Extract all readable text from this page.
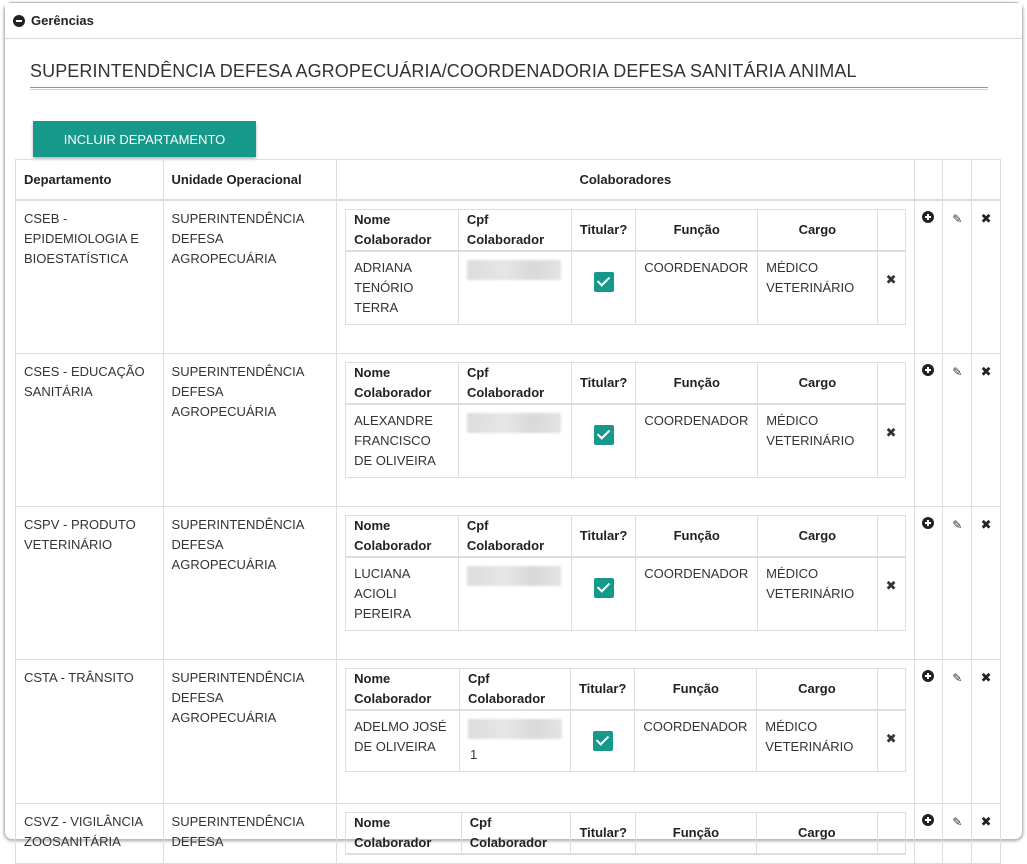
Gerências
SUPERINTENDÊNCIA DEFESA AGROPECUÁRIA/COORDENADORIA DEFESA SANITÁRIA ANIMAL
INCLUIR DEPARTAMENTO
Departamento	Unidade Operacional	Colaboradores			
CSEB - EPIDEMIOLOGIA E BIOESTATÍSTICA	SUPERINTENDÊNCIA DEFESA AGROPECUÁRIA	
Nome Colaborador	Cpf Colaborador	Titular?	Função	Cargo	
ADRIANA TENÓRIO TERRA			COORDENADOR	MÉDICO VETERINÁRIO	✖
		✎	✖
CSES - EDUCAÇÃO SANITÁRIA	SUPERINTENDÊNCIA DEFESA AGROPECUÁRIA	
Nome Colaborador	Cpf Colaborador	Titular?	Função	Cargo	
ALEXANDRE FRANCISCO DE OLIVEIRA			COORDENADOR	MÉDICO VETERINÁRIO	✖
		✎	✖
CSPV - PRODUTO VETERINÁRIO	SUPERINTENDÊNCIA DEFESA AGROPECUÁRIA	
Nome Colaborador	Cpf Colaborador	Titular?	Função	Cargo	
LUCIANA ACIOLI PEREIRA			COORDENADOR	MÉDICO VETERINÁRIO	✖
		✎	✖
CSTA - TRÂNSITO	SUPERINTENDÊNCIA DEFESA AGROPECUÁRIA	
Nome Colaborador	Cpf Colaborador	Titular?	Função	Cargo	
ADELMO JOSÉ DE OLIVEIRA	1		COORDENADOR	MÉDICO VETERINÁRIO	✖
		✎	✖
CSVZ - VIGILÂNCIA ZOOSANITÁRIA	SUPERINTENDÊNCIA DEFESA	
Nome Colaborador	Cpf Colaborador	Titular?	Função	Cargo	
		✎	✖
